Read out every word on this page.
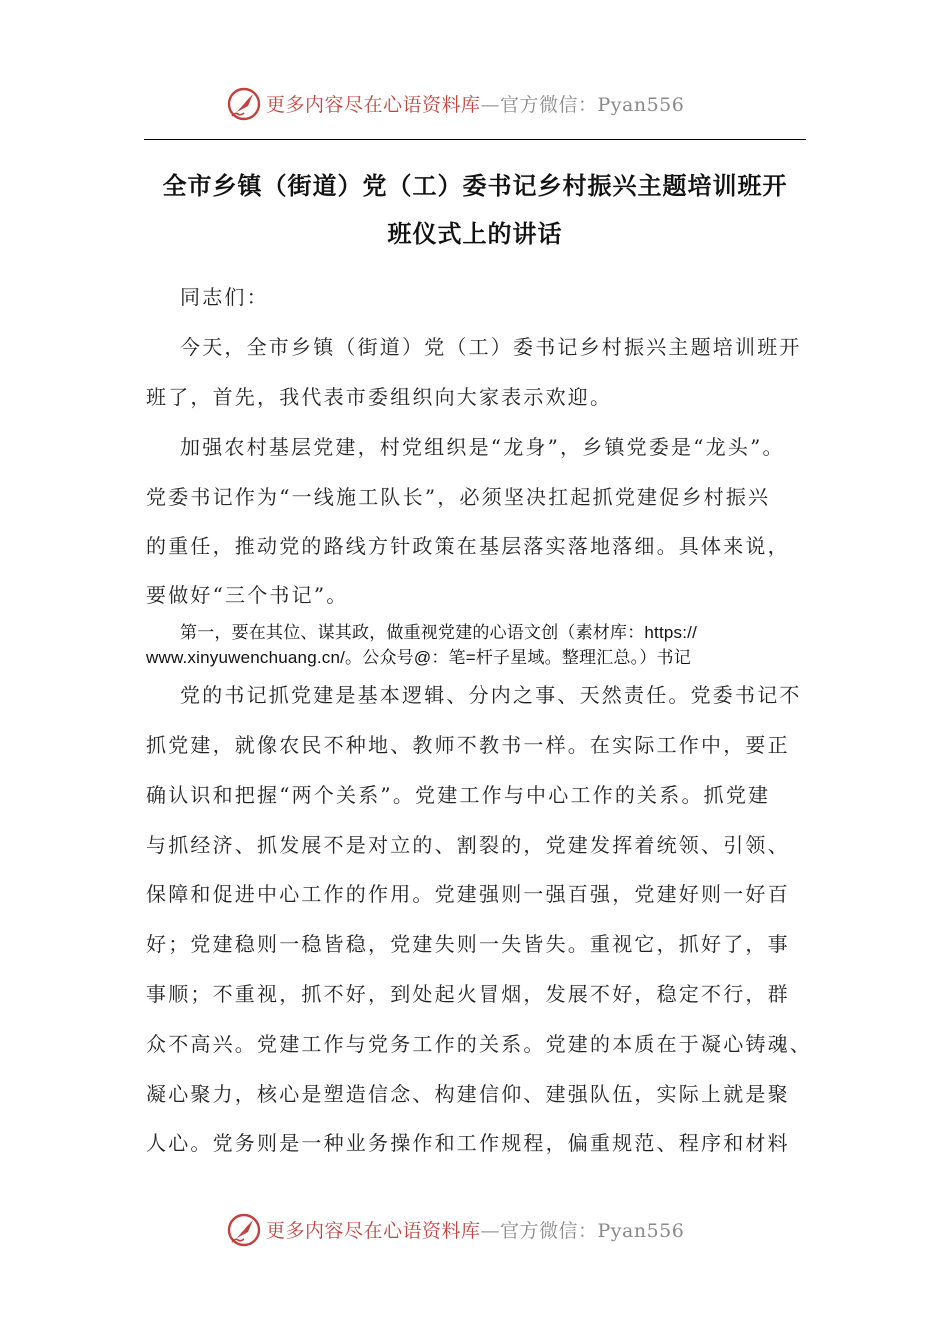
更多内容尽在心语资料库—官方微信：Pyan556
全市乡镇（街道）党（工）委书记乡村振兴主题培训班开
班仪式上的讲话
同志们：
今天，全市乡镇（街道）党（工）委书记乡村振兴主题培训班开
班了，首先，我代表市委组织向大家表示欢迎。
加强农村基层党建，村党组织是“龙身”，乡镇党委是“龙头”。
党委书记作为“一线施工队长”，必须坚决扛起抓党建促乡村振兴
的重任，推动党的路线方针政策在基层落实落地落细。具体来说，
要做好“三个书记”。
第一，要在其位、谋其政，做重视党建的心语文创（素材库：https://
www.xinyuwenchuang.cn/。公众号@：笔=杆子星域。整理汇总。）书记
党的书记抓党建是基本逻辑、分内之事、天然责任。党委书记不
抓党建，就像农民不种地、教师不教书一样。在实际工作中，要正
确认识和把握“两个关系”。党建工作与中心工作的关系。抓党建
与抓经济、抓发展不是对立的、割裂的，党建发挥着统领、引领、
保障和促进中心工作的作用。党建强则一强百强，党建好则一好百
好；党建稳则一稳皆稳，党建失则一失皆失。重视它，抓好了，事
事顺；不重视，抓不好，到处起火冒烟，发展不好，稳定不行，群
众不高兴。党建工作与党务工作的关系。党建的本质在于凝心铸魂、
凝心聚力，核心是塑造信念、构建信仰、建强队伍，实际上就是聚
人心。党务则是一种业务操作和工作规程，偏重规范、程序和材料
更多内容尽在心语资料库—官方微信：Pyan556
